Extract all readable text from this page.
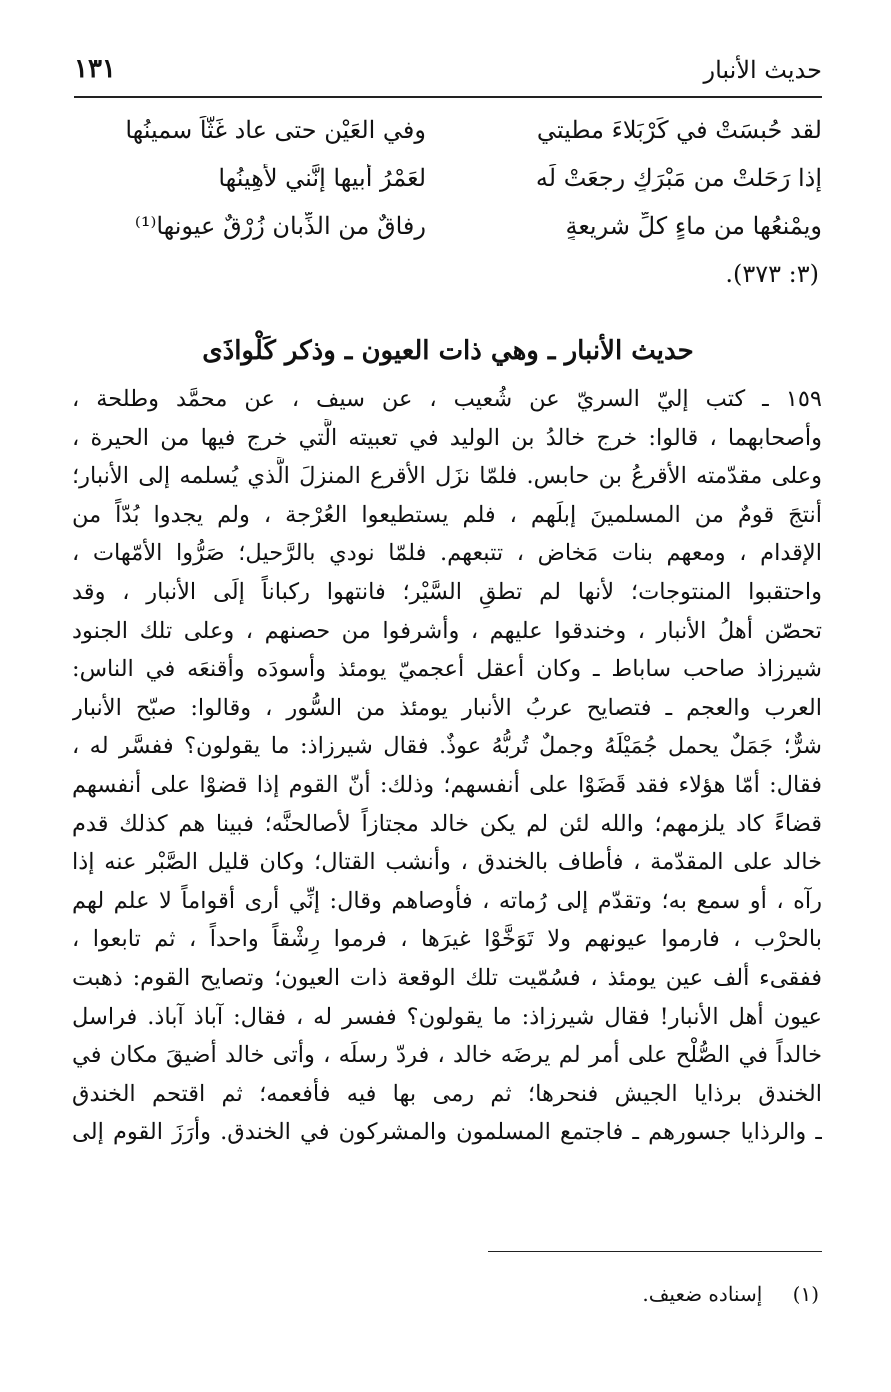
حديث الأنبار
١٣١
لقد حُبسَتْ في كَرْبَلاءَ مطيتي
وفي العَيْنِ حتى عاد غَثّاً سمينُها
إذا رَحَلتْ من مَبْرَكٍ رجعَتْ لَه
لعَمْرُ أبيها إنَّني لأهِينُها
ويمْنعُها من ماءٍ كلِّ شريعةٍ
رِفاقٌ من الذِّبانِ زُرْقٌ عيونها⁽¹⁾
(٣: ٣٧٣).
حديث الأنبار ـ وهي ذات العيون ـ وذكر كَلْواذَى
١٥٩ ـ كتب إليّ السريّ عن شُعيب ، عن سيف ، عن محمَّد وطلحة ،
وأصحابهما ، قالوا: خرج خالدُ بن الوليد في تعبيته الَّتي خرج فيها من الحيرة ،
وعلى مقدّمته الأقرعُ بن حابس. فلمّا نزَل الأقرع المنزلَ الَّذي يُسلمه إلى الأنبار؛
أنتجَ قومٌ من المسلمينَ إبلَهم ، فلم يستطيعوا العُرْجة ، ولم يجدوا بُدّاً من
الإقدام ، ومعهم بنات مَخاض ، تتبعهم. فلمّا نودي بالرَّحيل؛ صَرُّوا الأمّهات ،
واحتقبوا المنتوجات؛ لأنها لم تطقِ السَّيْر؛ فانتهوا ركباناً إلَى الأنبار ، وقد
تحصّن أهلُ الأنبار ، وخندقوا عليهم ، وأشرفوا من حصنهم ، وعلى تلك الجنود
شيرزاذ صاحب ساباط ـ وكان أعقل أعجميّ يومئذ وأسودَه وأقنعَه في الناس:
العرب والعجم ـ فتصايح عربُ الأنبار يومئذ من السُّور ، وقالوا: صبّح الأنبار
شرٌّ؛ جَمَلٌ يحمل جُمَيْلَهُ وجملٌ تُربُّهُ عوذٌ. فقال شيرزاذ: ما يقولون؟ ففسَّر له ،
فقال: أمّا هؤلاء فقد قَضَوْا على أنفسهم؛ وذلك: أنّ القوم إذا قضوْا على أنفسهم
قضاءً كاد يلزمهم؛ والله لئن لم يكن خالد مجتازاً لأصالحنَّه؛ فبينا هم كذلك قدم
خالد على المقدّمة ، فأطاف بالخندق ، وأنشب القتال؛ وكان قليل الصَّبْر عنه إذا
رآه ، أو سمع به؛ وتقدّم إلى رُماته ، فأوصاهم وقال: إنِّي أرى أقواماً لا علم لهم
بالحرْب ، فارموا عيونهم ولا تَوَخَّوْا غيرَها ، فرموا رِشْقاً واحداً ، ثم تابعوا ،
ففقىء ألف عين يومئذ ، فسُمّيت تلك الوقعة ذات العيون؛ وتصايح القوم: ذهبت
عيون أهل الأنبار! فقال شيرزاذ: ما يقولون؟ ففسر له ، فقال: آباذ آباذ. فراسل
خالداً في الصُّلْح على أمر لم يرضَه خالد ، فردّ رسلَه ، وأتى خالد أضيقَ مكان في
الخندق برذايا الجيش فنحرها؛ ثم رمى بها فيه فأفعمه؛ ثم اقتحم الخندق
ـ والرذايا جسورهم ـ فاجتمع المسلمون والمشركون في الخندق. وأرَزَ القوم إلى
(١) إسناده ضعيف.
